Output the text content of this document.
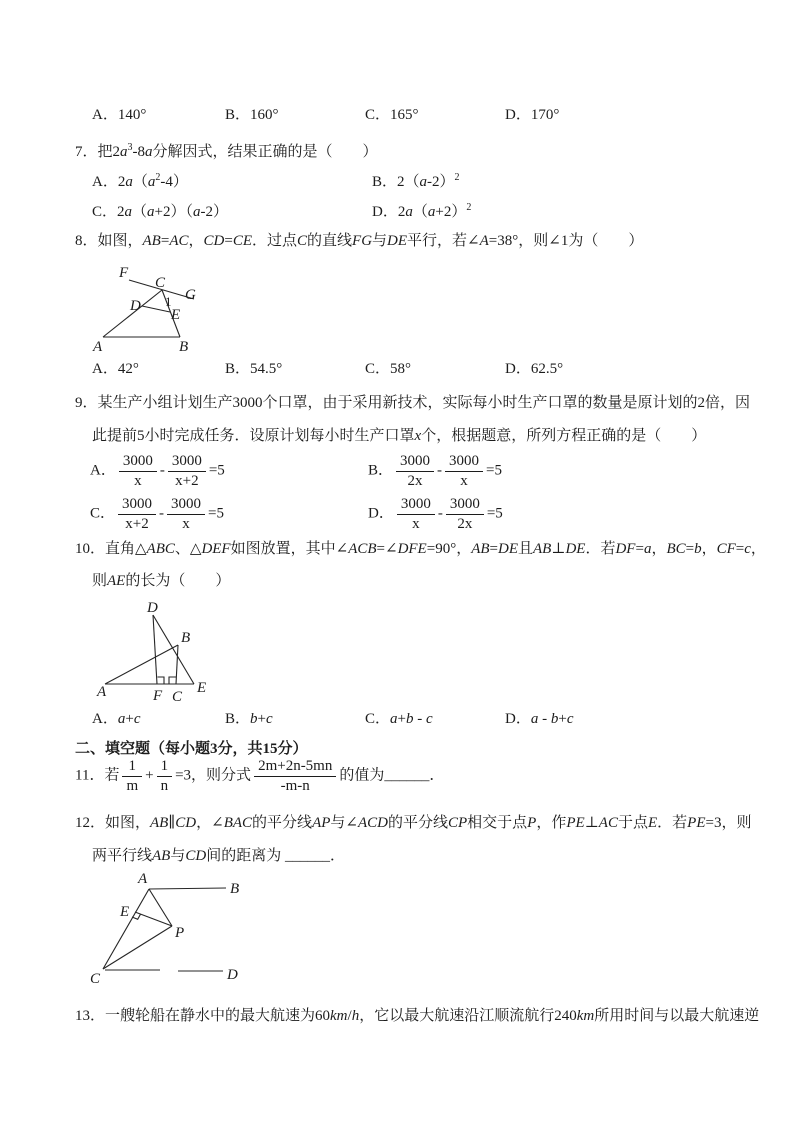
A．140°	B．160°	C．165°	D．170°
7．把$2a^3-8a$分解因式，结果正确的是（　　）
A．$2a(a^2-4)$	B．$2(a-2)^2$
C．2a（a+2）（a-2）	D．$2a(a+2)^2$
8．如图，AB=AC，CD=CE．过点C的直线FG与DE平行，若∠A=38°，则∠1为（　　）
F
C
G
D 1
E
A	B
A．42°	B．54.5°	C．58°	D．62.5°
9．某生产小组计划生产3000个口罩，由于采用新技术，实际每小时生产口罩的数量是原计划的2倍，因
此提前5小时完成任务．设原计划每小时生产口罩x个，根据题意，所列方程正确的是（　　）
A． $\frac{3000}{x} - \frac{3000}{x+2} =5$	B． $\frac{3000}{2x} - \frac{3000}{x} =5$
C． $\frac{3000}{x+2} - \frac{3000}{x} =5$	D． $\frac{3000}{x} - \frac{3000}{2x} =5$
10．直角△ABC、△DEF如图放置，其中∠ACB=∠DFE=90°，AB=DE且AB⊥DE．若DF=a，BC=b，CF=c，
则AE的长为（　　）
D
B
A	F C
E
A．a+c	B．b+c	C．a+b - c	D．a - b+c
二、填空题（每小题3分，共15分）
11．若 $\frac{1}{m} + \frac{1}{n} =3$，则分式 $\frac{2m+2n-5mn}{-m-n}$ 的值为______．
12．如图，AB∥CD，∠BAC的平分线AP与∠ACD的平分线CP相交于点P，作PE⊥AC于点E．若PE=3，则
两平行线AB与CD间的距离为 ______．
A
B
E
P
C	D
13．一艘轮船在静水中的最大航速为60km/h，它以最大航速沿江顺流航行240km所用时间与以最大航速逆
